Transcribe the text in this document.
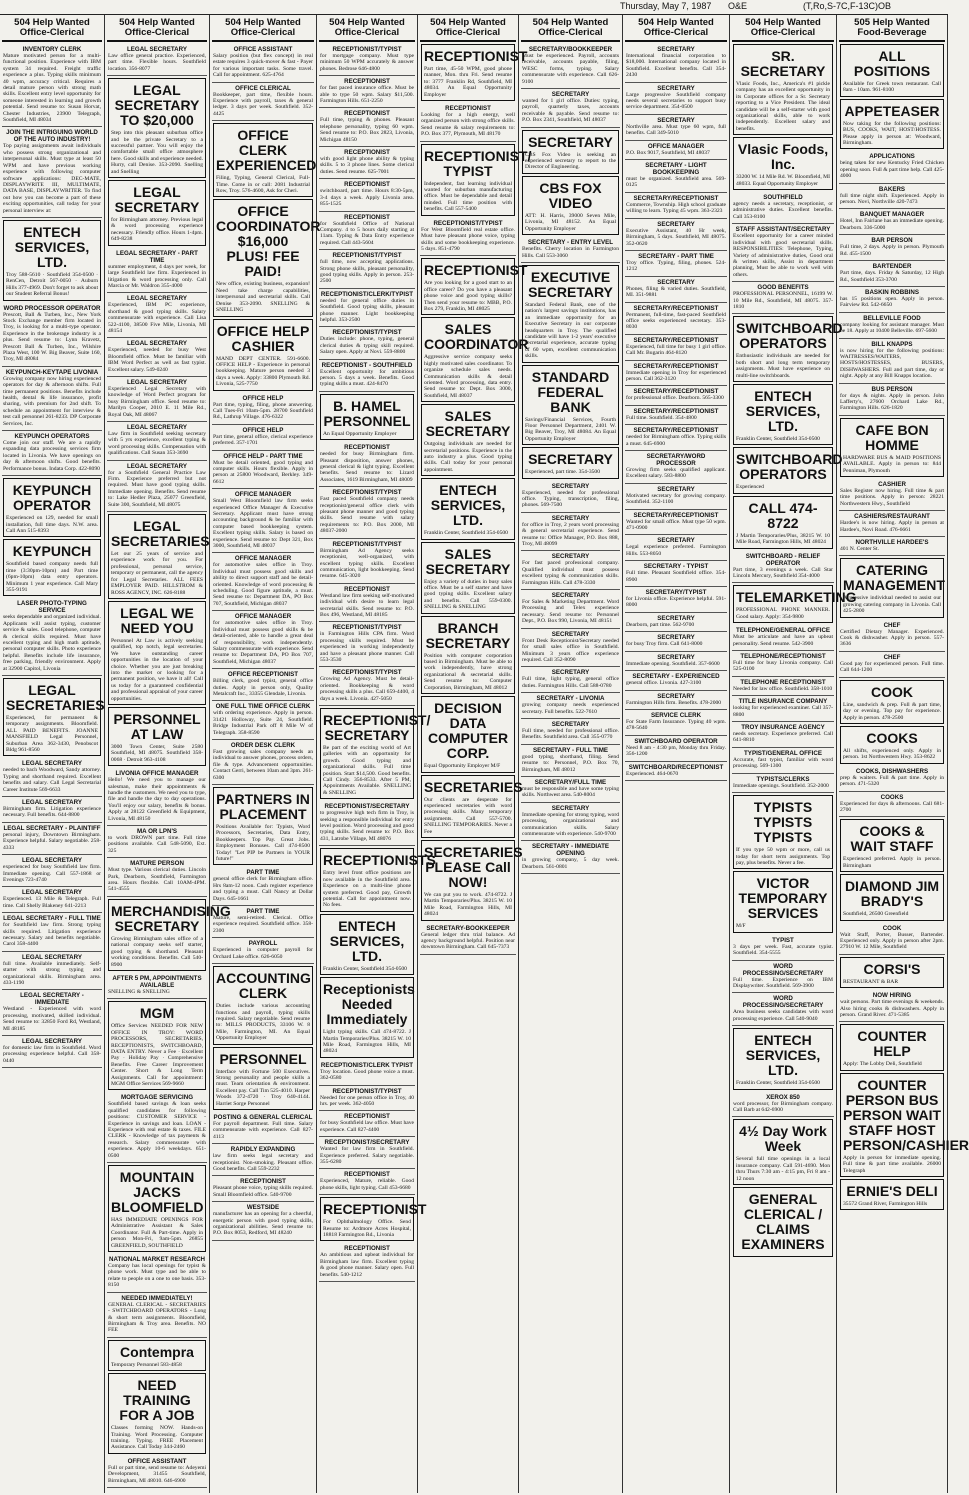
Thursday, May 7, 1987 O&E	(T,Ro,S-7C,F-13C)OB
504 Help Wanted
Office-Clerical
INVENTORY CLERK
Mature motivated person for a multi-functional position. Experience with IBM system 34 required. Freight traffic experience a plus. Typing skills minimum 40 wpm, accuracy critical. Requires a detail mature person with strong math skills. Excellent entry level opportunity for someone interested in learning and growth potential. Send resume to: Susan Horvat, Chester Industries, 23900 Telegraph, Southfield, MI 48034
JOIN THE INTRIGUING WORLD OF THE AUTO INDUSTRY!
Top paying assignments await individuals who possess strong organizational and interpersonal skills. Must type at least 50 WPM and have previous working experience with following computer software applications: DEC-MATE, DISPLAYWRITE III, MULTIMATE, DATA BASE, DISPLAYWRITER. To find out how you can become a part of these exciting opportunities, call today for your personal interview at:
ENTECH SERVICES, LTD.
Troy 588-5610 · Southfield 354-0500 · RenCen, Detroit 567-0050 · Auburn Hills 377-4969. Don't forget to ask about our Student Referral Bonus!
WORD PROCESSOR OPERATOR
Prescott, Ball & Turben, Inc., New York Stock Exchange member firm located in Troy, is looking for a multi-type operator. Experience in the brokerage industry is a plus. Send resume to: Lynn Kravetz, Prescott Ball & Turben, Inc., Wilshire Plaza West, 100 W. Big Beaver, Suite 160, Troy, MI 48084
KEYPUNCH-KEYTAPE LIVONIA
Growing company now hiring experienced operators for day & afternoon shifts. Full time permanent positions. Benefits include health, dental & life insurance, profit sharing, with premium for 2nd shift. To schedule an appointment for interview & test call personnel 261-8233. DP Corporate Services, Inc.
KEYPUNCH OPERATORS
Come join our staff. We are a rapidly expanding data processing services firm located in Livonia. We have openings on day & afternoon shifts. Good benefits. Performance bonus. Indata Corp. 422-8090
KEYPUNCH OPERATOR
Experienced on 129, needed for small installation, full time days. N.W. area. Call Ann 515-8393
KEYPUNCH
Southfield based company needs full time (3:30pm-10pm) and Part time (6pm-10pm) data entry operators. Minimum 1 year experience. Call Mary 355-9191
LASER PHOTO-TYPING SERVICE
seeks dependable and organized individual. Applicants will assist typing, customer service & sales. Good telephone, computer & clerical skills required. Must have excellent typing and high math aptitude, personal computer skills. Photo experience helpful. Benefits include life insurance, free parking, friendly environment. Apply at 32900 Capitol, Livonia
LEGAL SECRETARIES
Experienced, for permanent & temporary assignments. Bloomfield. ALL PAID BENEFITS. JOANNE MANSFIELD Legal Personnel, Suburban Area 362-3430, Penobscot Bldg 961-8560
LEGAL SECRETARY
needed to bach Woodward, Sandy attorney. Typing and shorthand required. Excellent benefits and salary. Call Legal Secretarial Career Institute 569-6633
LEGAL SECRETARY
Birmingham firm. Litigation experience necessary. Full benefits. 644-8800
LEGAL SECRETARY - PLAINTIFF
personal injury, Downtown Birmingham. Experience helpful. Salary negotiable. 258-4333
LEGAL SECRETARY
experienced for busy Southfield law firm. Immediate opening. Call 557-1868 or Evenings 723-4740
LEGAL SECRETARY
Experienced. 13 Mile & Telegraph. Full time. Call Shelly Blakeney 641-2213
LEGAL SECRETARY - FULL TIME
for Southfield law firm. Strong typing skills required. Litigation experience necessary. Salary and benefits negotiable. Carol 358-4400
LEGAL SECRETARY
full time. Available immediately. Self-starter with strong typing and organizational skills. Birmingham area. 433-1190
LEGAL SECRETARY - IMMEDIATE
Westland - Experienced with word processing, motivated, skilled individual. Send resume to: 32850 Ford Rd, Westland, MI 48185
LEGAL SECRETARY
for domestic law firm in Southfield. Word processing experience helpful. Call 358-0440
504 Help Wanted
Office-Clerical
LEGAL SECRETARY
Law office general practice. Experienced, part time. Flexible hours. Southfield location. 356-8077
LEGAL SECRETARY TO $20,000
Step into this pleasant suburban office and be the private Secretary to a successful partner. You will enjoy the comfortable small office atmosphere here. Good skills and experience needed. Hurry, call Denise. 353-2090. Snelling and Snelling
LEGAL SECRETARY
for Birmingham attorney. Previous legal & word processing experience necessary. Friendly office. Hours 1-4pm. 649-8238
LEGAL SECRETARY - PART TIME
summer employment, 4 days per week, for large Southfield law firm. Experienced in litigation & word processing only. Call Marcia or Mr. Waldron 355-4000
LEGAL SECRETARY
Experienced, IBM PC experience, shorthand & good typing skills. Salary commensurate with experience. Call Lisa 522-4100, 38500 Five Mile, Livonia, MI 48154
LEGAL SECRETARY
Experienced, needed for busy West Bloomfield office. Must be familiar with IBM Word Perfect as well as fast typist. Excellent salary. 549-0240
LEGAL SECRETARY
Experienced Legal Secretary with knowledge of Word Perfect program for busy Birmingham office. Send resume to: Marilyn Cooper, 2010 E. 11 Mile Rd., Royal Oak, MI 48067
LEGAL SECRETARY
Law firm in Southfield seeking secretary with 5 yrs experience, excellent typing & word processing skills. Compensation with qualifications. Call Susan 353-3690
LEGAL SECRETARY
for a Southfield General Practice Law Firm. Experience preferred but not required. Must have good typing skills. Immediate opening. Benefits. Send resume to: Lake Hedler Plaza, 25077 Greenfield, Suite 300, Southfield, MI 48075
LEGAL SECRETARIES
Let our 25 years of service and experience work for you. For professional, personal service, temporary or permanent, call the agency for Legal Secretaries. ALL FEES EMPLOYER PAID. HILLSTROM & ROSS AGENCY, INC. 626-8188
LEGAL WE NEED YOU
Personnel At Law is actively seeking qualified, top notch, legal secretaries. We have outstanding career opportunities in the location of your choice. Whether you are just breaking into the market or looking for a permanent position, we have it all! Call us today for a guaranteed confidential and professional appraisal of your career opportunities.
PERSONNEL AT LAW
3000 Town Center, Suite 2580 Southfield, MI 48075. Southfield 358-0068 · Detroit 963-4108
LIVONIA OFFICE MANAGER
Hello! We need you to manage our salesman, make their appointments & handle the customers. We need you to type, file and handle the day to day operations. You'll enjoy our salary, benefits & bonus. Apply at 28122 Greenfield & Equipment, Livonia, MI 48150
MA OR LPN'S
to work DROWN part time. Full time positions available. Call 548-5090, Ext. 325
MATURE PERSON
Must type. Various clerical duties. Lincoln Park, Dearborn, Southfield, Farmington area. Hours flexible. Call 10AM-4PM. 541-4555
MERCHANDISING SECRETARY
Growing Birmingham sales office of a national company seeks self starter, good typing & shorthand. Pleasant working conditions. Benefits. Call 540-8900
AFTER 5 PM, APPOINTMENTS AVAILABLE
SNELLING & SNELLING
MGM
Office Services NEEDED FOR NEW OFFICE IN TROY: WORD PROCESSORS, SECRETARIES, RECEPTIONISTS, SWITCHBOARD, DATA ENTRY. Never a Fee · Excellent Pay · Holiday Pay · Comprehensive Benefits. Free Career Improvement Center. Short & Long Term Assignments. Call for appointment: MGM Office Services 569-9660
MORTGAGE SERVICING
Southfield based savings & loan seeks qualified candidates for following positions: CUSTOMER SERVICE - Experience in savings and loan. LOAN - Experience with real estate & taxes. FILE CLERK - Knowledge of tax payments & research. Salary commensurate with experience. Apply 10-6 weekdays. 651-0500
MOUNTAIN JACKS BLOOMFIELD
HAS IMMEDIATE OPENINGS FOR Administrative Assistant & Sales Coordinator. Full & Part-time. Apply in person Mon-Fri, 9am-5pm. 26855 GREENFIELD, SOUTHFIELD
NATIONAL MARKET RESEARCH
Company has local openings for typist & phone work. Must type and be able to relate to people on a one to one basis. 353-8150
NEEDED IMMEDIATELY!
GENERAL CLERICAL - SECRETARIES - SWITCHBOARD OPERATORS - Long & short term assignments. Bloomfield, Birmingham & Troy area. Benefits. NO FEE
Contempra
Temporary Personnel 583-4858
NEED TRAINING FOR A JOB
Classes forming NOW. Hands-on Training. Word Processing. Computer training. Typing. FREE Placement Assistance. Call Today 344-2460
OFFICE ASSISTANT
Full or part time, send resume to: Adeyemi Development, 31455 Southfield, Birmingham, MI 48010. 646-6900
504 Help Wanted
Office-Clerical
OFFICE ASSISTANT
Salary position (but flex concept) in real estate requires 3 quick-mover & fast - Payer for various important tasks. Some travel. Call for appointment. 625-4764
OFFICE CLERICAL
Bookkeeper, part time, flexible hours. Experience with payroll, taxes & general ledger. 3 days per week. Southfield. 352-4425
OFFICE CLERK EXPERIENCED
Filing, Typing, General Clerical, Full-Time. Come in or call: 2081 Industrial Row, Troy. 576-4600, Ask for Cheri.
OFFICE COORDINATOR $16,000 PLUS! FEE PAID!
New office, existing business, expansion! Need take charge capabilities, interpersonal and secretarial skills. Call Denise 353-2090. SNELLING & SNELLING
OFFICE HELP CASHIER
MAND DEPT CENTER. 591-6600. OFFICE HELP - Experience in personal bookkeeping. Mature person needed 3 days a week. Apply: 33800 Plymouth Rd. Livonia, 525-7750
OFFICE HELP
Part time, typing, filing, phone answering. Call Tues-Fri 10am-5pm. 28700 Southfield Rd., Lathrup Village. 476-6322
OFFICE HELP
Part time, general office, clerical experience preferred. 357-1701
OFFICE HELP - PART TIME
Must be detail oriented, good typing and computer skills. Hours flexible. Apply in person at 25800 Woodward, Berkley. 349-6612
OFFICE MANAGER
Small West Bloomfield law firm seeks experienced Office Manager & Executive Secretary. Applicant must have strong accounting background & be familiar with computer based bookkeeping system. Excellent typing skills. Salary is based on experience. Send resume to: Dept 321, Box 3000, Southfield, MI 48037
OFFICE MANAGER
for automotive sales office in Troy. Individual must possess good skills and ability to direct support staff and be detail-oriented. Knowledge of word processing & scheduling. Good figure aptitude, a must. Send resume to: Department DA, PO Box 707, Southfield, Michigan 48037
OFFICE MANAGER
for automotive sales office in Troy. Individual must possess good skills & be detail-oriented, able to handle a great deal of responsibility, work independently. Salary commensurate with experience. Send resume to: Department DA, PO Box 707, Southfield, Michigan 48037
OFFICE RECEPTIONIST
Billing clerk, good typist, general office duties. Apply in person only, Quality Metalcraft Inc., 33355 Glendale, Livonia.
ONE FULL TIME OFFICE CLERK
with ordering experience. Apply in person. 31421 Holloway, Suite 24, Southfield. Bridge Industrial Park off 8 Mile W of Telegraph. 358-8590
ORDER DESK CLERK
Fast growing sales company needs an individual to answer phones, process orders, file & type. Advancement opportunities. Contact Gerri, between 10am and 3pm. 261-6300
PARTNERS IN PLACEMENT
Positions Available for: Typists, Word Processors, Secretaries, Data Entry, Bookkeepers. Top Pay. Great Jobs. Employment Bonuses. Call 474-8500 Today! "Let PIP be Partners in YOUR future!"
PART TIME
general office clerk for Birmingham office. Hrs 8am-12 noon. Cash register experience and typing a must. Call Nancy at Dollar Days. 645-1661
PART TIME
Mature, semi-retired. Clerical. Office experience required. Southfield office. 358-2300
PAYROLL
Experienced in computer payroll for Orchard Lake office. 626-6050
ACCOUNTING CLERK
Duties include various accounting functions and payroll, typing skills required. Salary negotiable. Send resume to: MILLS PRODUCTS, 33106 W. 8 Mile, Farmington, MI. An Equal Opportunity Employer
PERSONNEL
Interface with Fortune 500 Executives. Strong personality and people skills a must. Team orientation & environment. Excellent pay. Call Tim 525-4010. Harper Woods 372-4720 · Troy 640-4144. Harriet Sorge Personnel
POSTING & GENERAL CLERICAL
For payroll department. Full time. Salary commensurate with experience. Call 827-4113
RAPIDLY EXPANDING
law firm seeks legal secretary and receptionist. Non-smoking. Pleasant office. Good benefits. Call 559-2232
RECEPTIONIST
Pleasant phone voice, typing skills required. Small Bloomfield office. 540-9700
WESTSIDE
manufacturer has an opening for a cheerful, energetic person with good typing skills, organizational abilities. Send resume to: P.O. Box 8053, Redford, MI 48240
504 Help Wanted
Office-Clerical
RECEPTIONIST/TYPIST
for mortgage company. Must type minimum 50 WPM accurately & answer phones. Bedrose 646-4800
RECEPTIONIST
for fast paced insurance office. Must be able to type 50 wpm. Salary $11,500. Farmington Hills. 651-2250
RECEPTIONIST
Full time, typing & phones. Pleasant telephone personality, typing 60 wpm. Send resume to: P.O. Box 2823, Livonia, Michigan 48150
RECEPTIONIST
with good light phone ability & typing skills. 5 to 3 phone lines. Some clerical duties. Send resume. 625-7001
RECEPTIONIST
switchboard, part time. Hours 8:30-5pm, 3-4 days a week. Apply Livonia area. 855-1525
RECEPTIONIST
for Southfield Office of National Company. 4 to 5 hours daily starting at 11am. Typing & Data Entry experience required. Call 443-5604
RECEPTIONIST/TYPIST
full time, now accepting applications. Strong phone skills, pleasant personality, good typing skills. Apply in person. 253-2500
RECEPTIONIST/CLERK/TYPIST
needed for general office duties in Southfield. Good typing skills, pleasant phone manner. Light bookkeeping helpful. 353-2500
RECEPTIONIST/TYPIST
Duties include: phone, typing, general clerical duties & typing skill required. Salary open. Apply at Novi. 559-8800
RECEPTIONIST - SOUTHFIELD
Excellent opportunity for ambitious person. 5 days a week. Benefits. Good typing skills a must. 424-8470
B. HAMEL PERSONNEL
An Equal Opportunity Employer
RECEPTIONIST
needed for busy Birmingham firm. Pleasant disposition, answer phones, general clerical & light typing. Excellent benefits. Send resume to: Lizard Associates, 1619 Birmingham, MI 48009
RECEPTIONIST/TYPIST
Fast paced Southfield company needs receptionist/general office clerk with pleasant phone manner and good typing skills. Send resume with salary requirements to: P.O. Box 2000, MI 48037-2000
RECEPTIONIST/TYPIST
Birmingham Ad Agency seeks receptionist, well-organized, with excellent typing skills. Excellent communication, light bookkeeping. Send resume. 645-3020
RECEPTIONIST
Westland law firm seeking self-motivated individual with desire to learn legal secretarial skills. Send resume to: P.O. Box 496, Westland, MI 48185
RECEPTIONIST/TYPIST
in Farmington Hills CPA firm. Word processing skills required. Must be experienced in working independently and have a pleasant phone manner. Call 553-3530
RECEPTIONIST/TYPIST
Growing Ad Agency. Must be detail-oriented. Bookkeeping & word processing skills a plus. Call 659-4400, 4 days a week. Livonia. 427-5050
RECEPTIONIST/ SECRETARY
Be part of the exciting world of Art galleries with an opportunity for growth. Good typing and organizational skills. Full time position. Start $14,500. Good benefits. Call Cindy. 356-8533. After 5 PM, Appointments Available. SNELLING & SNELLING
RECEPTIONIST/SECRETARY
to progressive high tech firm in Troy, is seeking a responsible individual for entry level position. Word processing and good typing skills. Send resume to: P.O. Box 431, Latrobe Village, MI 48076
RECEPTIONISTS
Entry level front office positions are now available in the Southfield area. Experience on a multi-line phone system preferred. Good pay, Growth potential. Call for appointment now. No fees.
ENTECH SERVICES, LTD.
Franklin Center, Southfield 354-0500
Receptionists Needed Immediately
Light typing skills. Call 474-8722. J Martin Temporaries/Plus. 38215 W. 10 Mile Road, Farmington Hills, MI 48024
RECEPTIONIST/CLERK TYPIST
Troy location. Good phone voice a must. 362-0580
RECEPTIONIST/TYPIST
Needed for one person office in Troy, 40 hrs. per week. 362-4050
RECEPTIONIST
for busy Southfield law office. Must have experience. Call 827-4400
RECEPTIONIST/SECRETARY
Wanted for law firm in Southfield. Experience preferred. Salary negotiable. 355-6280
RECEPTIONIST
Experienced, Mature, reliable. Good phone skills, light typing. Call 453-6680
RECEPTIONIST
For Ophthalmology Office. Send Resume to: Ardmore Acres Hospital, 18818 Farmington Rd., Livonia
RECEPTIONIST
An ambitious and upbeat individual for Birmingham law firm. Excellent typing & good phone manner. Salary open. Full benefits. 540-1212
504 Help Wanted
Office-Clerical
RECEPTIONIST
Part time, 45-50 WPM, good phone manner, Mon. thru Fri. Send resume to: 3777 Franklin Rd, Southfield, MI 48034. An Equal Opportunity Employer
RECEPTIONIST
Looking for a high energy, well organized person with strong office skills. Send resume & salary requirements to: P.O. Box 377, Plymouth, MI 48170
RECEPTIONIST/ TYPIST
Independent, fast learning individual wanted for suburban manufacturing office. Must be dependable and detail minded. Full time position with benefits. Call 557-5400
RECEPTIONIST/TYPIST
For West Bloomfield real estate office. Must have pleasant phone voice, typing skills and some bookkeeping experience. 5 days. 851-4790
RECEPTIONIST
Are you looking for a good start to an office career? Do you have a pleasant phone voice and good typing skills? Then send your resume to: MBB, P.O. Box 279, Franklin, MI 48025
SALES COORDINATOR
Aggressive service company seeks highly motivated sales coordinator. To organize schedule sales needs. Communication skills & detail oriented. Word processing, data entry. Send resume to: Dept. Box 3000, Southfield, MI 48037
SALES SECRETARY
Outgoing individuals are needed for secretarial positions. Experience in the auto industry a plus. Good typing skills. Call today for your personal appointment.
ENTECH SERVICES, LTD.
Franklin Center, Southfield 354-0500
SALES SECRETARY
Enjoy a variety of duties in busy sales office. Must be a self starter and have good typing skills. Excellent salary and benefits. Call 559-0300. SNELLING & SNELLING
BRANCH SECRETARY
Position with computer corporation based in Birmingham. Must be able to work independently, have strong organizational & secretarial skills. Send resume to: Computer Corporation, Birmingham, MI 48012
DECISION DATA COMPUTER CORP.
Equal Opportunity Employer M/F
SECRETARIES
Our clients are desperate for experienced secretaries with word processing skills. Many temporary assignments. Call 557-5700. SNELLING TEMPORARIES. Never a Fee
SECRETARIES PLEASE Call NOW!
We can put you to work. 474-8722. J Martin Temporaries/Plus. 38215 W. 10 Mile Road, Farmington Hills, MI 48024
SECRETARY-BOOKKEEPER
General ledger thru trial balance. Ad agency background helpful. Position near downtown Birmingham. Call 645-7373
504 Help Wanted
Office-Clerical
SECRETARY/BOOKKEEPER
Must be experienced. Payroll, accounts receivable, accounts payable, filing, WESC forms, typing. Salary commensurate with experience. Call 626-9100
SECRETARY
wanted for 1 girl office. Duties: typing, payroll, quarterly taxes, accounts receivable & payable. Send resume to: P.O. Box 2341, Southfield, MI 48037
SECRETARY
CBS Fox Video is seeking an experienced secretary to report to the Director of Engineering.
CBS FOX VIDEO
ATT: H. Harris, 39000 Seven Mile, Livonia, MI 48152. An Equal Opportunity Employer
SECRETARY - ENTRY LEVEL
Benefits. Cherry location in Farmington Hills. Call 553-3060
EXECUTIVE SECRETARY
Standard Federal Bank, one of the nation's largest savings institutions, has an immediate opportunity for an Executive Secretary in our corporate headquarters in Troy. The qualified candidate will have 1-2 years' executive secretarial experience, accurate typing of 60 wpm, excellent communication skills.
STANDARD FEDERAL BANK
Savings/Financial Services, Fourth Floor Personnel Department, 2401 W. Big Beaver, Troy, MI 48084. An Equal Opportunity Employer
SECRETARY
Experienced, part time. 354-3500
SECRETARY
Experienced, needed for professional office. Typing, transcription, filing, phones. 569-7500
SECRETARY
for office in Troy, 2 years word processing & general secretarial experience. Send resume to: Office Manager, P.O. Box 888, Troy, MI 48099
SECRETARY
For fast paced professional company. Qualified individual must possess excellent typing & communication skills. Farmington Hills. Call 478-3330
SECRETARY
For Sales & Marketing Department. Word Processing and Telex experience necessary. Send resume to: Personnel Dept., P.O. Box 990, Livonia, MI 48151
SECRETARY
Front Desk Receptionist/Secretary needed for small sales office in Southfield. Minimum 3 years office experience required. Call 352-8090
SECRETARY
Full time, light typing, general office duties. Farmington Hills. Call 588-0780
SECRETARY - LIVONIA
growing company needs experienced secretary. Full benefits. 522-7610
SECRETARY
Full time, needed for professional office. Benefits. Southfield area. Call 355-0770
SECRETARY - FULL TIME
good typing, shorthand, filing. Send resume to: Personnel, P.O. Box 70, Birmingham, MI 48012
SECRETARY/FULL TIME
must be responsible and have some typing skills. Northwest area. 540-8004
SECRETARY
Immediate opening for strong typing, word processing, organizational and communication skills. Salary commensurate with experience. 540-9700
SECRETARY - IMMEDIATE OPENING
in growing company, 5 day week. Dearborn. 561-0801
504 Help Wanted
Office-Clerical
SECRETARY
International financial corporation to $18,000. International company located in Southfield. Excellent benefits. Call 354-2430
SECRETARY
Large progressive Southfield company needs several secretaries to support busy service department. 354-0500
SECRETARY
Northville area. Must type 60 wpm, full benefits. Call 349-5010
OFFICE MANAGER
P.O. Box 9017, Southfield, MI 48037
SECRETARY - LIGHT BOOKKEEPING
must be organized. Southfield area. 569-0125
SECRETARY/RECEPTIONIST
Commerce, Township. High school graduate willing to learn. Typing 45 wpm. 363-2323
SECRETARY
Executive Assistant, 40 Hr week, Birmingham, 5 days. Southfield, MI 48075. 352-0620
SECRETARY - PART TIME
Troy office. Typing, filing, phones. 524-1212
SECRETARY
Phones, filing & varied duties. Southfield, MI. 351-9881
SECRETARY/RECEPTIONIST
Permanent, full-time, fast-paced Southfield office seeks experienced secretary. 353-8030
SECRETARY/RECEPTIONIST
Experienced, full time for busy 1 girl office. Call Mr. Bugarin 464-8120
SECRETARY/RECEPTIONIST
Immediate opening in Troy for experienced person. Call 362-3120
SECRETARY/RECEPTIONIST
for professional office. Dearborn. 565-3300
SECRETARY/RECEPTIONIST
Full time. Southfield. 354-4800
SECRETARY/RECEPTIONIST
needed for Birmingham office. Typing skills a must. 645-6900
SECRETARY/WORD PROCESSOR
Growing firm seeks qualified applicant. Excellent salary. 583-8800
SECRETARY
Motivated secretary for growing company. Southfield. 352-1100
SECRETARY/RECEPTIONIST
Wanted for small office. Must type 50 wpm. 471-0900
SECRETARY
Legal experience preferred. Farmington Hills. 553-8050
SECRETARY - TYPIST
Full time. Pleasant Southfield office. 354-8900
SECRETARY/TYPIST
for Livonia office. Experience helpful. 591-8000
SECRETARY
Dearborn, part time. 562-9700
SECRETARY
for busy Troy firm. Call 641-8000
SECRETARY
Immediate opening. Southfield. 357-6600
SECRETARY - EXPERIENCED
general office. Livonia. 427-3100
SECRETARY
Farmington Hills firm. Benefits. 478-2000
SERVICE CLERK
For State Farm Insurance. Typing 40 wpm. 478-5640
SWITCHBOARD OPERATOR
Need 8 am - 4:30 pm, Monday thru Friday. 356-1200
SWITCHBOARD/RECEPTIONIST
Experienced. 464-0670
504 Help Wanted
Office-Clerical
SR. SECRETARY
Vlasic Foods, Inc., America's #1 pickle company has an excellent opportunity in its Corporate offices for a Sr. Secretary reporting to a Vice President. The ideal candidate will be a self-starter with good organizational skills, able to work independently. Excellent salary and benefits.
Vlasic Foods, Inc.
33200 W. 14 Mile Rd. W. Bloomfield, MI 48033. Equal Opportunity Employer
SOUTHFIELD
agency needs a secretary, receptionist, or administrative duties. Excellent benefits. Call 353-8100
STAFF ASSISTANT/SECRETARY
Excellent opportunity for a career minded individual with good secretarial skills. RESPONSIBILITIES: Telephone, Typing, Variety of administrative duties, Good oral & written skills, Assist in department planning, Must be able to work well with others.
GOOD BENEFITS
PROFESSIONAL PERSONNEL, 16199 W. 10 Mile Rd., Southfield, MI 48075. 357-1810
SWITCHBOARD OPERATORS
Enthusiastic individuals are needed for both short and long term temporary assignments. Must have experience on multi-line switchboards.
ENTECH SERVICES, LTD.
Franklin Center, Southfield 354-0500
SWITCHBOARD OPERATORS
Experienced
CALL 474-8722
J Martin Temporaries/Plus, 38215 W. 10 Mile Road, Farmington Hills, MI 48024
SWITCHBOARD - RELIEF OPERATOR
Part time, 3 evenings a week. Call Star Lincoln Mercury, Southfield 354-4000
TELEMARKETING
PROFESSIONAL PHONE MANNER. Good salary. Apply: 354-9800
TELEPHONE/GENERAL OFFICE
Must be articulate and have an upbeat personality. Send resume. 542-3900
TELEPHONE/RECEPTIONIST
Full time for busy Livonia company. Call 525-0100
TELEPHONE RECEPTIONIST
Needed for law office. Southfield. 358-1010
TITLE INSURANCE COMPANY
looking for experienced examiner. Call 357-8800
TROY INSURANCE AGENCY
needs secretary. Experience preferred. Call 641-8810
TYPIST/GENERAL OFFICE
Accurate, fast typist, familiar with word processing. 569-1300
TYPISTS/CLERKS
Immediate openings. Southfield. 352-2000
TYPISTS TYPISTS TYPISTS
If you type 50 wpm or more, call us today for short term assignments. Top pay, plus benefits. Never a fee.
VICTOR TEMPORARY SERVICES
M/F
TYPIST
3 days per week. Fast, accurate typist. Southfield. 354-5555
WORD PROCESSING/SECRETARY
Full time. Experience on IBM Displaywriter. Southfield. 569-3900
WORD PROCESSING/SECRETARY
Area business seeks candidates with word processing experience. Call 540-9040
ENTECH SERVICES, LTD.
Franklin Center, Southfield 354-0500
XEROX 850
word processor, for Birmingham company. Call Barb at 642-6900
4½ Day Work Week
Several full time openings in a local insurance company. Call 591-4690. Mon thru Thurs 7:30 am - 4:15 pm, Fri 8 am - 12 noon
GENERAL CLERICAL / CLAIMS EXAMINERS
505 Help Wanted
Food-Beverage
ALL POSITIONS
Available for Greek town restaurant. Call 8am - 10am. 961-8100
APPETEASER
Now taking for the following positions: BUS, COOKS, WAIT, HOST/HOSTESS. Please apply in person at: Woodward, Birmingham.
APPLICATIONS
being taken for new Kentucky Fried Chicken opening soon. Full & part time help. Call 425-4000
BAKERS
full time night shift. Experienced. Apply in person. Novi, Northville 420-7473
BANQUET MANAGER
Hotel, Inn Fairlane has an immediate opening. Dearborn. 336-5000
BAR PERSON
Full time, 2 days. Apply in person. Plymouth Rd. 455-1500
BARTENDER
Part time, days. Friday & Saturday, 12 High Rd., Southfield 353-3700
BASKIN ROBBINS
has 15 positions open. Apply in person. Fairview Rd. 542-6650
BELLEVILLE FOOD
company looking for assistant manager. Must be 18. Apply at 10400 Belleville. 697-5600
BILL KNAPPS
is now hiring for the following positions: WAITRESSES/WAITERS, HOSTS/HOSTESSES, BUSERS, DISHWASHERS. Full and part time, day or night. Apply at any Bill Knapps location.
BUS PERSON
for days & nights. Apply in person. John Lafferty's, 27600 Orchard Lake Rd., Farmington Hills. 626-1820
CAFE BON HOMME
HARDWARE BUS & MAID POSITIONS AVAILABLE. Apply in person to: 844 Penniman, Plymouth
CASHIER
Sales Register now hiring. Full time & part time positions. Apply in person: 28221 Northwestern Hwy., Southfield
CASHIERS/RESTAURANT
Hardee's is now hiring. Apply in person at Hardee's, Novi Road. 476-6661
NORTHVILLE HARDEE'S
401 N. Center St.
CATERING MANAGEMENT
Aggressive individual needed to assist our growing catering company in Livonia. Call 425-2800
CHEF
Certified Dietary Manager. Experienced. Cook & dishwasher. Apply in person. 557-3636
CHEF
Good pay for experienced person. Full time. Call 644-1200
COOK
Line, sandwich & prep. Full & part time, day or evening. Top pay for experience. Apply in person. 478-2500
COOKS
All shifts, experienced only. Apply in person. 1st Northwestern Hwy. 353-8622
COOKS, DISHWASHERS
prep & waiters. Full & part time. Apply in person. 471-5320
COOKS
Experienced for days & afternoons. Call 681-2700
COOKS & WAIT STAFF
Experienced preferred. Apply in person. Birmingham
DIAMOND JIM BRADY'S
Southfield, 26500 Greenfield
COOK
Wait Staff, Porter, Busser, Bartender. Experienced only. Apply in person after 2pm. 27910 W. 12 Mile, Southfield
CORSI'S
RESTAURANT & BAR
NOW HIRING
wait persons. Part time evenings & weekends. Also hiring cooks & dishwashers. Apply in person. Grand River. 471-5385
COUNTER HELP
Apply: The Lobby Deli, Southfield
COUNTER PERSON BUS PERSON WAIT STAFF HOST PERSON/CASHIER
Apply in person for immediate opening. Full time & part time available. 26000 Telegraph
ERNIE'S DELI
35572 Grand River, Farmington Hills
